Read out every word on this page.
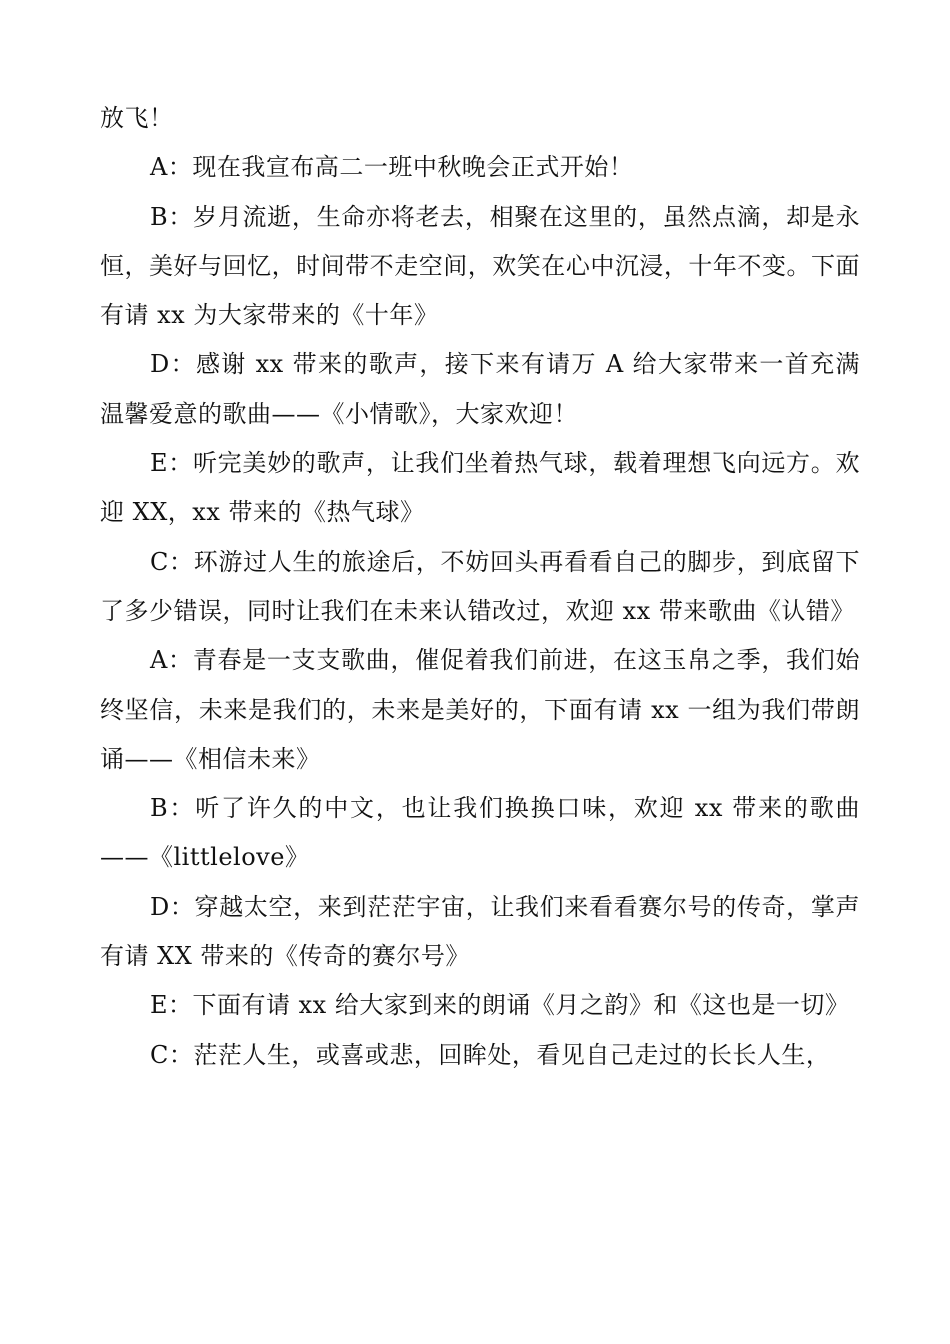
放飞！

A：现在我宣布高二一班中秋晚会正式开始！

B：岁月流逝，生命亦将老去，相聚在这里的，虽然点滴，却是永恒，美好与回忆，时间带不走空间，欢笑在心中沉浸，十年不变。下面有请 xx 为大家带来的《十年》

D：感谢 xx 带来的歌声，接下来有请万 A 给大家带来一首充满温馨爱意的歌曲——《小情歌》，大家欢迎！

E：听完美妙的歌声，让我们坐着热气球，载着理想飞向远方。欢迎 XX，xx 带来的《热气球》

C：环游过人生的旅途后，不妨回头再看看自己的脚步，到底留下了多少错误，同时让我们在未来认错改过，欢迎 xx 带来歌曲《认错》

A：青春是一支支歌曲，催促着我们前进，在这玉帛之季，我们始终坚信，未来是我们的，未来是美好的，下面有请 xx 一组为我们带朗诵——《相信未来》

B：听了许久的中文，也让我们换换口味，欢迎 xx 带来的歌曲——《littlelove》

D：穿越太空，来到茫茫宇宙，让我们来看看赛尔号的传奇，掌声有请 XX 带来的《传奇的赛尔号》

E：下面有请 xx 给大家到来的朗诵《月之韵》和《这也是一切》

C：茫茫人生，或喜或悲，回眸处，看见自己走过的长长人生，
